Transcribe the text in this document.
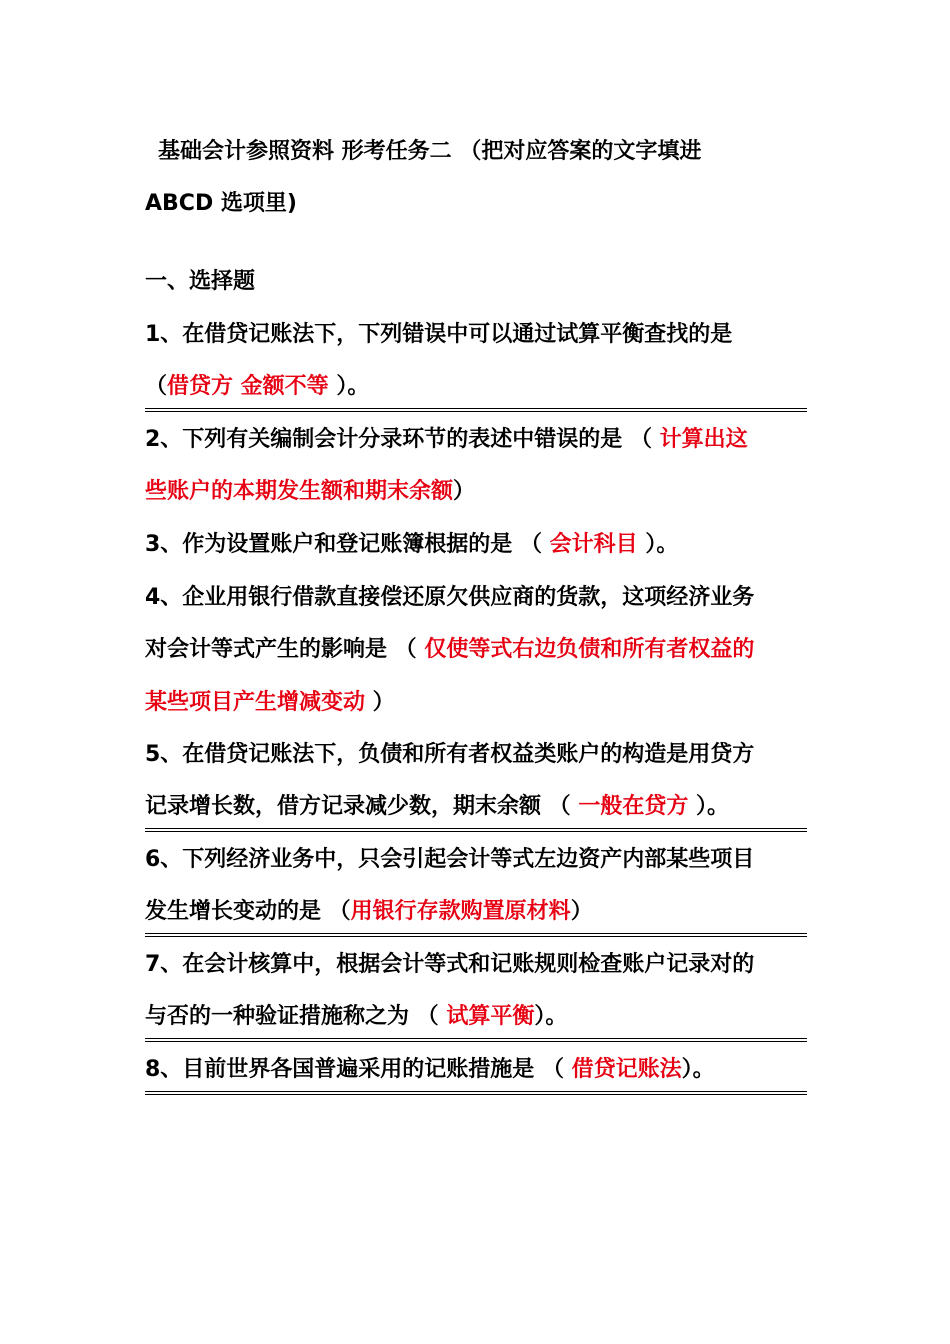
基础会计参照资料 形考任务二 （把对应答案的文字填进
ABCD 选项里)
一、选择题
1、在借贷记账法下，下列错误中可以通过试算平衡查找的是
（借贷方 金额不等 ）。
2、下列有关编制会计分录环节的表述中错误的是 （ 计算出这
些账户的本期发生额和期末余额）
3、作为设置账户和登记账簿根据的是 （ 会计科目 ）。
4、企业用银行借款直接偿还原欠供应商的货款，这项经济业务
对会计等式产生的影响是 （ 仅使等式右边负债和所有者权益的
某些项目产生增减变动 ）
5、在借贷记账法下，负债和所有者权益类账户的构造是用贷方
记录增长数，借方记录减少数，期末余额 （ 一般在贷方 ）。
6、下列经济业务中，只会引起会计等式左边资产内部某些项目
发生增长变动的是 （用银行存款购置原材料）
7、在会计核算中，根据会计等式和记账规则检查账户记录对的
与否的一种验证措施称之为 （ 试算平衡）。
8、目前世界各国普遍采用的记账措施是 （ 借贷记账法）。
